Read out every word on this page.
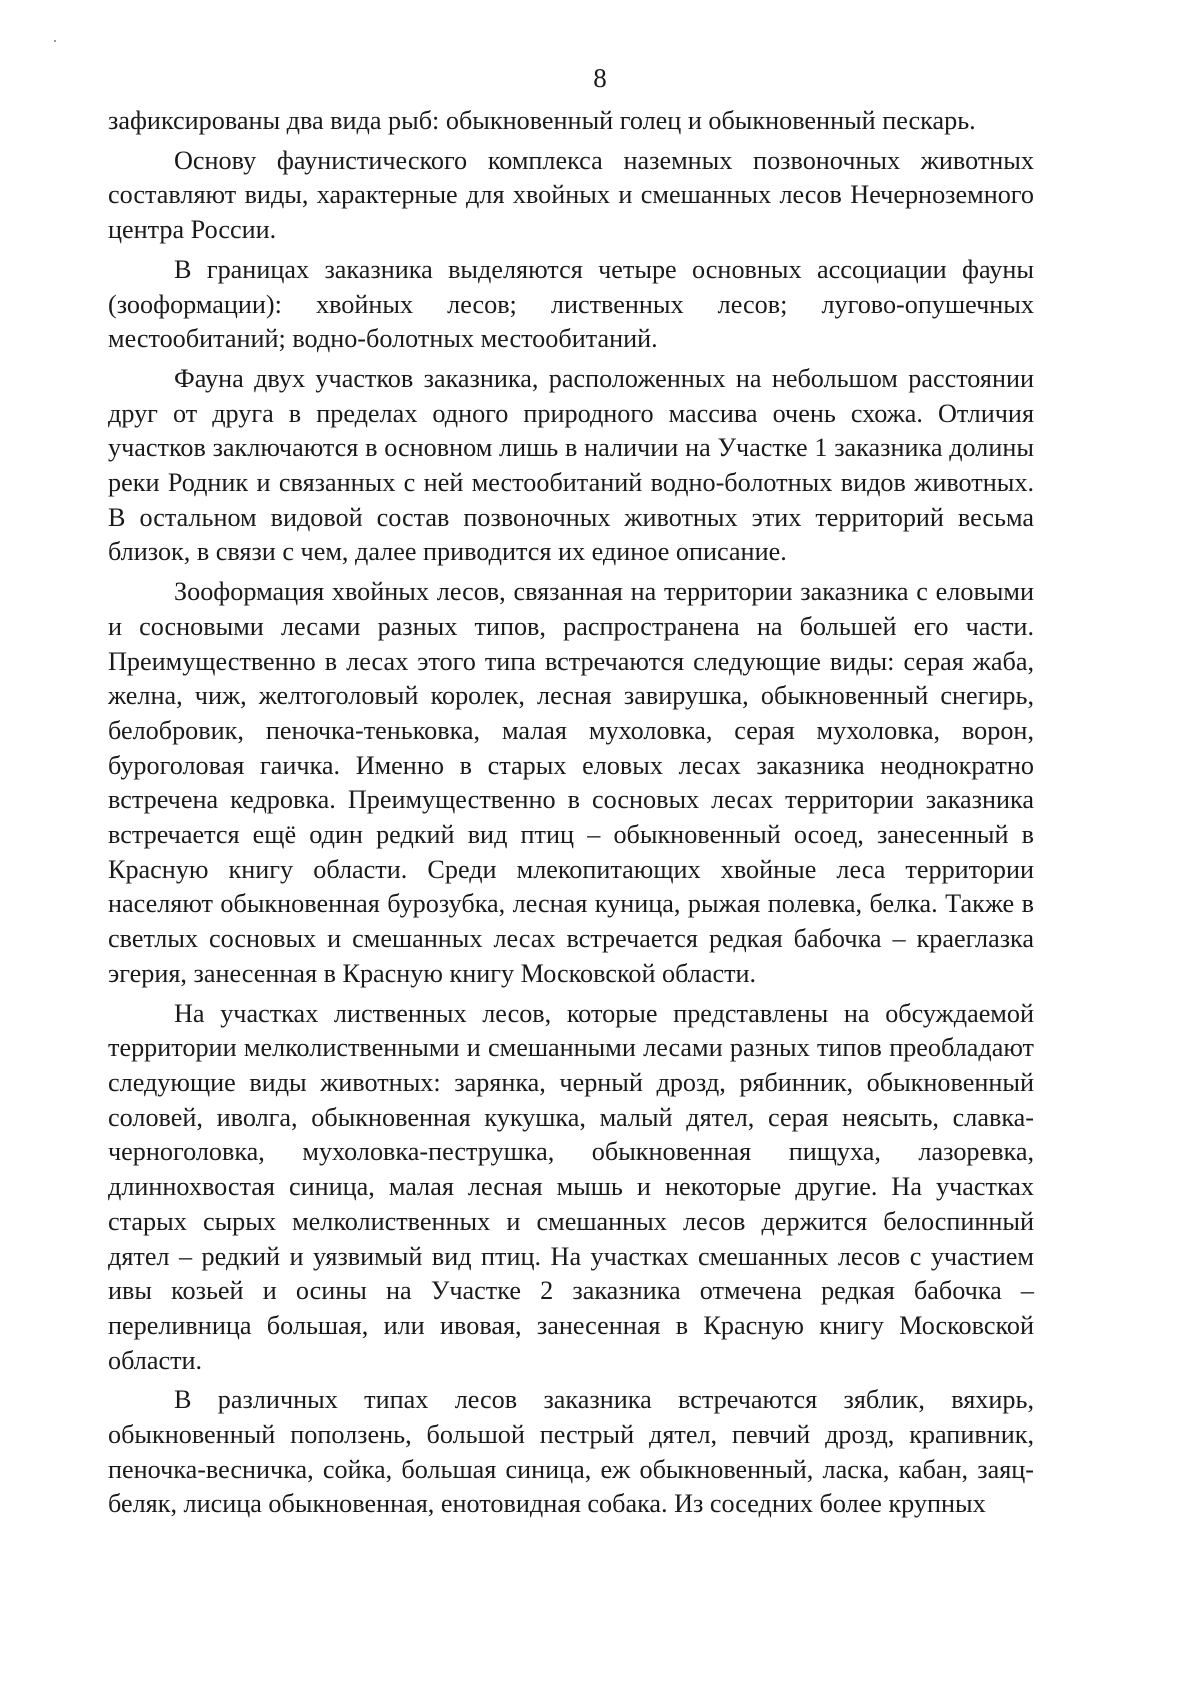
8

зафиксированы два вида рыб: обыкновенный голец и обыкновенный пескарь.

Основу фаунистического комплекса наземных позвоночных животных составляют виды, характерные для хвойных и смешанных лесов Нечерноземного центра России.

В границах заказника выделяются четыре основных ассоциации фауны (зооформации): хвойных лесов; лиственных лесов; лугово-опушечных местообитаний; водно-болотных местообитаний.

Фауна двух участков заказника, расположенных на небольшом расстоянии друг от друга в пределах одного природного массива очень схожа. Отличия участков заключаются в основном лишь в наличии на Участке 1 заказника долины реки Родник и связанных с ней местообитаний водно-болотных видов животных. В остальном видовой состав позвоночных животных этих территорий весьма близок, в связи с чем, далее приводится их единое описание.

Зооформация хвойных лесов, связанная на территории заказника с еловыми и сосновыми лесами разных типов, распространена на большей его части. Преимущественно в лесах этого типа встречаются следующие виды: серая жаба, желна, чиж, желтоголовый королек, лесная завирушка, обыкновенный снегирь, белобровик, пеночка-теньковка, малая мухоловка, серая мухоловка, ворон, буроголовая гаичка. Именно в старых еловых лесах заказника неоднократно встречена кедровка. Преимущественно в сосновых лесах территории заказника встречается ещё один редкий вид птиц – обыкновенный осоед, занесенный в Красную книгу области. Среди млекопитающих хвойные леса территории населяют обыкновенная бурозубка, лесная куница, рыжая полевка, белка. Также в светлых сосновых и смешанных лесах встречается редкая бабочка – краеглазка эгерия, занесенная в Красную книгу Московской области.

На участках лиственных лесов, которые представлены на обсуждаемой территории мелколиственными и смешанными лесами разных типов преобладают следующие виды животных: зарянка, черный дрозд, рябинник, обыкновенный соловей, иволга, обыкновенная кукушка, малый дятел, серая неясыть, славка-черноголовка, мухоловка-пеструшка, обыкновенная пищуха, лазоревка, длиннохвостая синица, малая лесная мышь и некоторые другие. На участках старых сырых мелколиственных и смешанных лесов держится белоспинный дятел – редкий и уязвимый вид птиц. На участках смешанных лесов с участием ивы козьей и осины на Участке 2 заказника отмечена редкая бабочка – переливница большая, или ивовая, занесенная в Красную книгу Московской области.

В различных типах лесов заказника встречаются зяблик, вяхирь, обыкновенный поползень, большой пестрый дятел, певчий дрозд, крапивник, пеночка-весничка, сойка, большая синица, еж обыкновенный, ласка, кабан, заяц-беляк, лисица обыкновенная, енотовидная собака. Из соседних более крупных
